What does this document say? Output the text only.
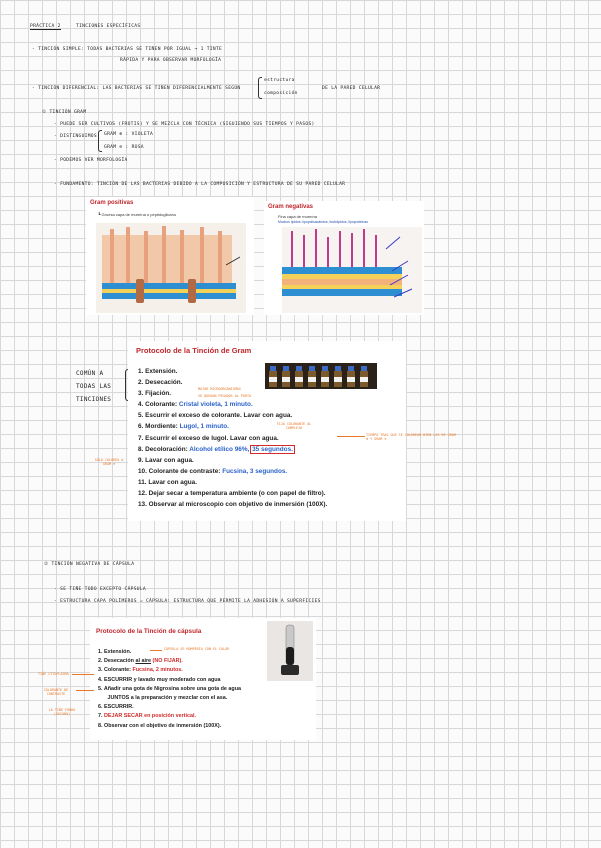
PRÁCTICA 2	TINCIONES ESPECÍFICAS
- TINCIÓN SIMPLE: TODAS BACTERIAS SE TIÑEN POR IGUAL → 1 TINTE
RÁPIDA Y PARA OBSERVAR MORFOLOGÍA
- TINCIÓN DIFERENCIAL: LAS BACTERIAS SE TIÑEN DIFERENCIALMENTE SEGÚN
estructura
composición
DE LA PARED CELULAR
① TINCIÓN GRAM
- PUEDE SER CULTIVOS (FROTIS) Y SE MEZCLA CON TÉCNICA (SIGUIENDO SUS TIEMPOS Y PASOS)
- DISTINGUIMOS GRAM ⊕ : VIOLETA
GRAM ⊖ : ROSA
- PODEMOS VER MORFOLOGÍA
- FUNDAMENTO: TINCIÓN DE LAS BACTERIAS DEBIDO A LA COMPOSICIÓN Y ESTRUCTURA DE SU PARED CELULAR
Gram positivas
┗ Gruesa capa de mureína o peptidoglicano
Gram negativas
Fina capa de mureína
Muchos lípidos: lipopolisacáridos, fosfolípidos, lipoproteínas
COMÚN A TODAS LAS TINCIONES
Protocolo de la Tinción de Gram
1. Extensión.
2. Desecación.
3. Fijación.
4. Colorante: Cristal violeta, 1 minuto.
5. Escurrir el exceso de colorante. Lavar con agua.
6. Mordiente: Lugol, 1 minuto.
7. Escurrir el exceso de lugol. Lavar con agua.
8. Decoloración: Alcohol etílico 96%, 35 segundos.
9. Lavar con agua.
10. Colorante de contraste: Fucsina, 3 segundos.
11. Lavar con agua.
12. Dejar secar a temperatura ambiente (o con papel de filtro).
13. Observar al microscopio con objetivo de inmersión (100X).
MATAR MICROORGANISMOS
SE QUEDAN PEGADOS AL PORTA
FIJA COLORANTE AL COMPLEJO
TIEMPO TRAS QUE SE COLOREAN BIEN LAS DE GRAM ⊕ Y GRAM ⊖
SÓLO COLOREA A GRAM ⊖
② TINCIÓN NEGATIVA DE CÁPSULA
- SE TIÑE TODO EXCEPTO CÁPSULA
- ESTRUCTURA CAPA POLÍMEROS ⇒ CÁPSULA: ESTRUCTURA QUE PERMITE LA ADHESIÓN A SUPERFICIES
Protocolo de la Tinción de cápsula
1. Extensión.
2. Desecación al aire (NO FIJAR).
3. Colorante: Fucsina, 2 minutos.
4. ESCURRIR y lavado muy moderado con agua
5. Añadir una gota de Nigrosina sobre una gota de agua
JUNTOS a la preparación y mezclar con el asa.
6. ESCURRIR.
7. DEJAR SECAR en posición vertical.
8. Observar con el objetivo de inmersión (100X).
CÁPSULA SE ROMPERÍA CON EL CALOR
TIÑE CITOPLASMA
COLORANTE DE CONTRASTE
LA TIÑE FONDO (OSCURO)
